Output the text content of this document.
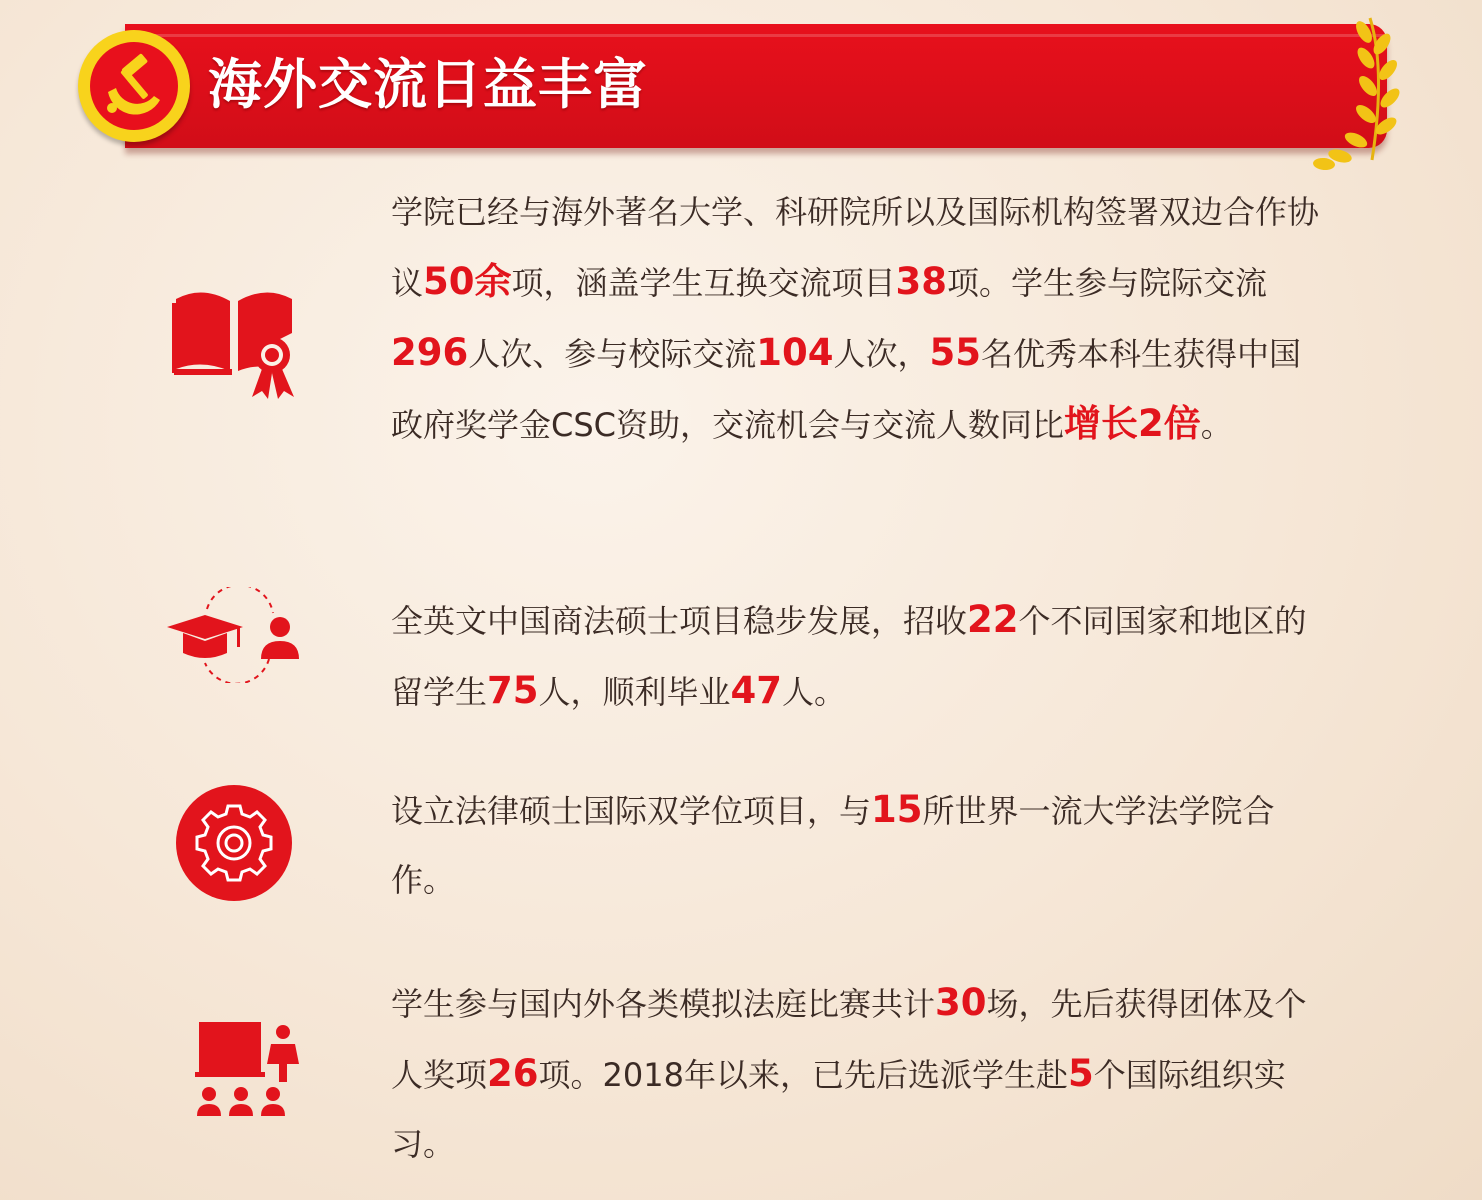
海外交流日益丰富
学院已经与海外著名大学、科研院所以及国际机构签署双边合作协议50余项，涵盖学生互换交流项目38项。学生参与院际交流296人次、参与校际交流104人次，55名优秀本科生获得中国政府奖学金CSC资助，交流机会与交流人数同比增长2倍。
全英文中国商法硕士项目稳步发展，招收22个不同国家和地区的留学生75人，顺利毕业47人。
设立法律硕士国际双学位项目，与15所世界一流大学法学院合作。
学生参与国内外各类模拟法庭比赛共计30场，先后获得团体及个人奖项26项。2018年以来，已先后选派学生赴5个国际组织实习。
